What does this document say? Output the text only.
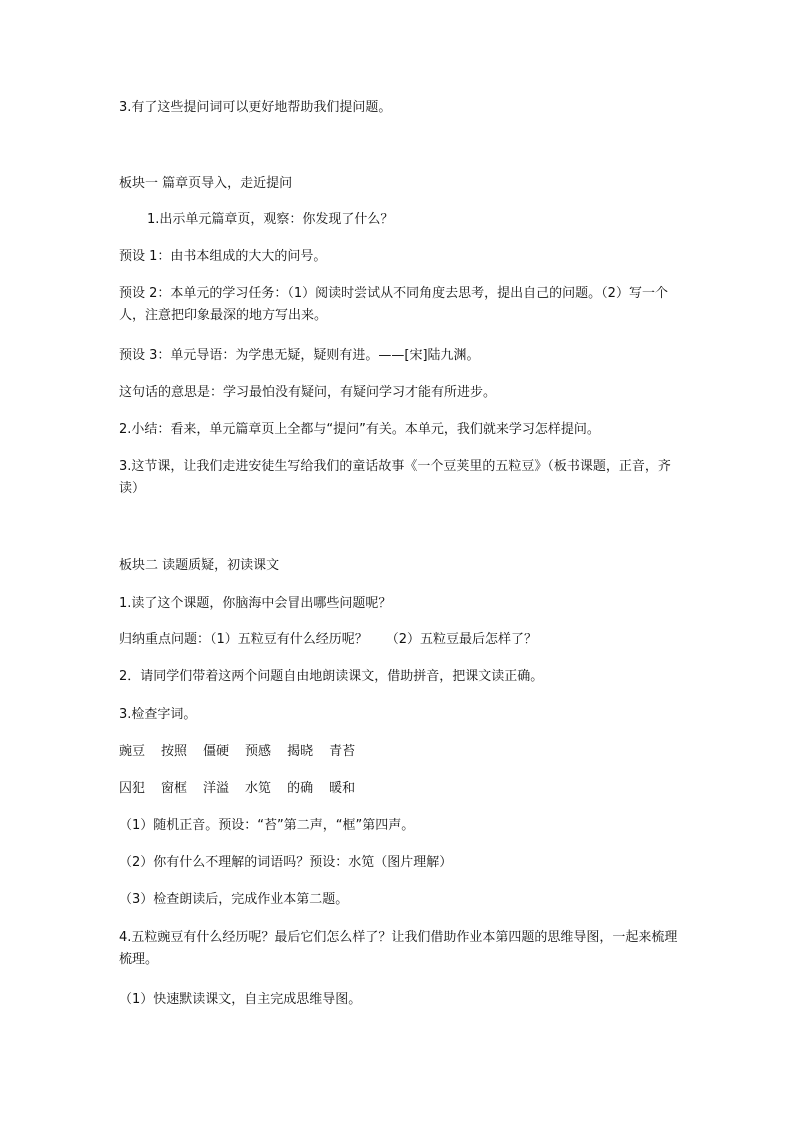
3.有了这些提问词可以更好地帮助我们提问题。
板块一 篇章页导入，走近提问
1.出示单元篇章页，观察：你发现了什么？
预设 1：由书本组成的大大的问号。
预设 2：本单元的学习任务：（1）阅读时尝试从不同角度去思考，提出自己的问题。（2）写一个人，注意把印象最深的地方写出来。
预设 3：单元导语：为学患无疑，疑则有进。——[宋]陆九渊。
这句话的意思是：学习最怕没有疑问，有疑问学习才能有所进步。
2.小结：看来，单元篇章页上全都与“提问”有关。本单元，我们就来学习怎样提问。
3.这节课，让我们走进安徒生写给我们的童话故事《一个豆荚里的五粒豆》（板书课题，正音，齐读）
板块二 读题质疑，初读课文
1.读了这个课题，你脑海中会冒出哪些问题呢？
归纳重点问题：（1）五粒豆有什么经历呢？ （2）五粒豆最后怎样了？
2．请同学们带着这两个问题自由地朗读课文，借助拼音，把课文读正确。
3.检查字词。
豌豆 按照 僵硬 预感 揭晓 青苔
囚犯 窗框 洋溢 水笕 的确 暖和
（1）随机正音。预设：“苔”第二声，“框”第四声。
（2）你有什么不理解的词语吗？预设：水笕（图片理解）
（3）检查朗读后，完成作业本第二题。
4.五粒豌豆有什么经历呢？最后它们怎么样了？让我们借助作业本第四题的思维导图，一起来梳理梳理。
（1）快速默读课文，自主完成思维导图。
